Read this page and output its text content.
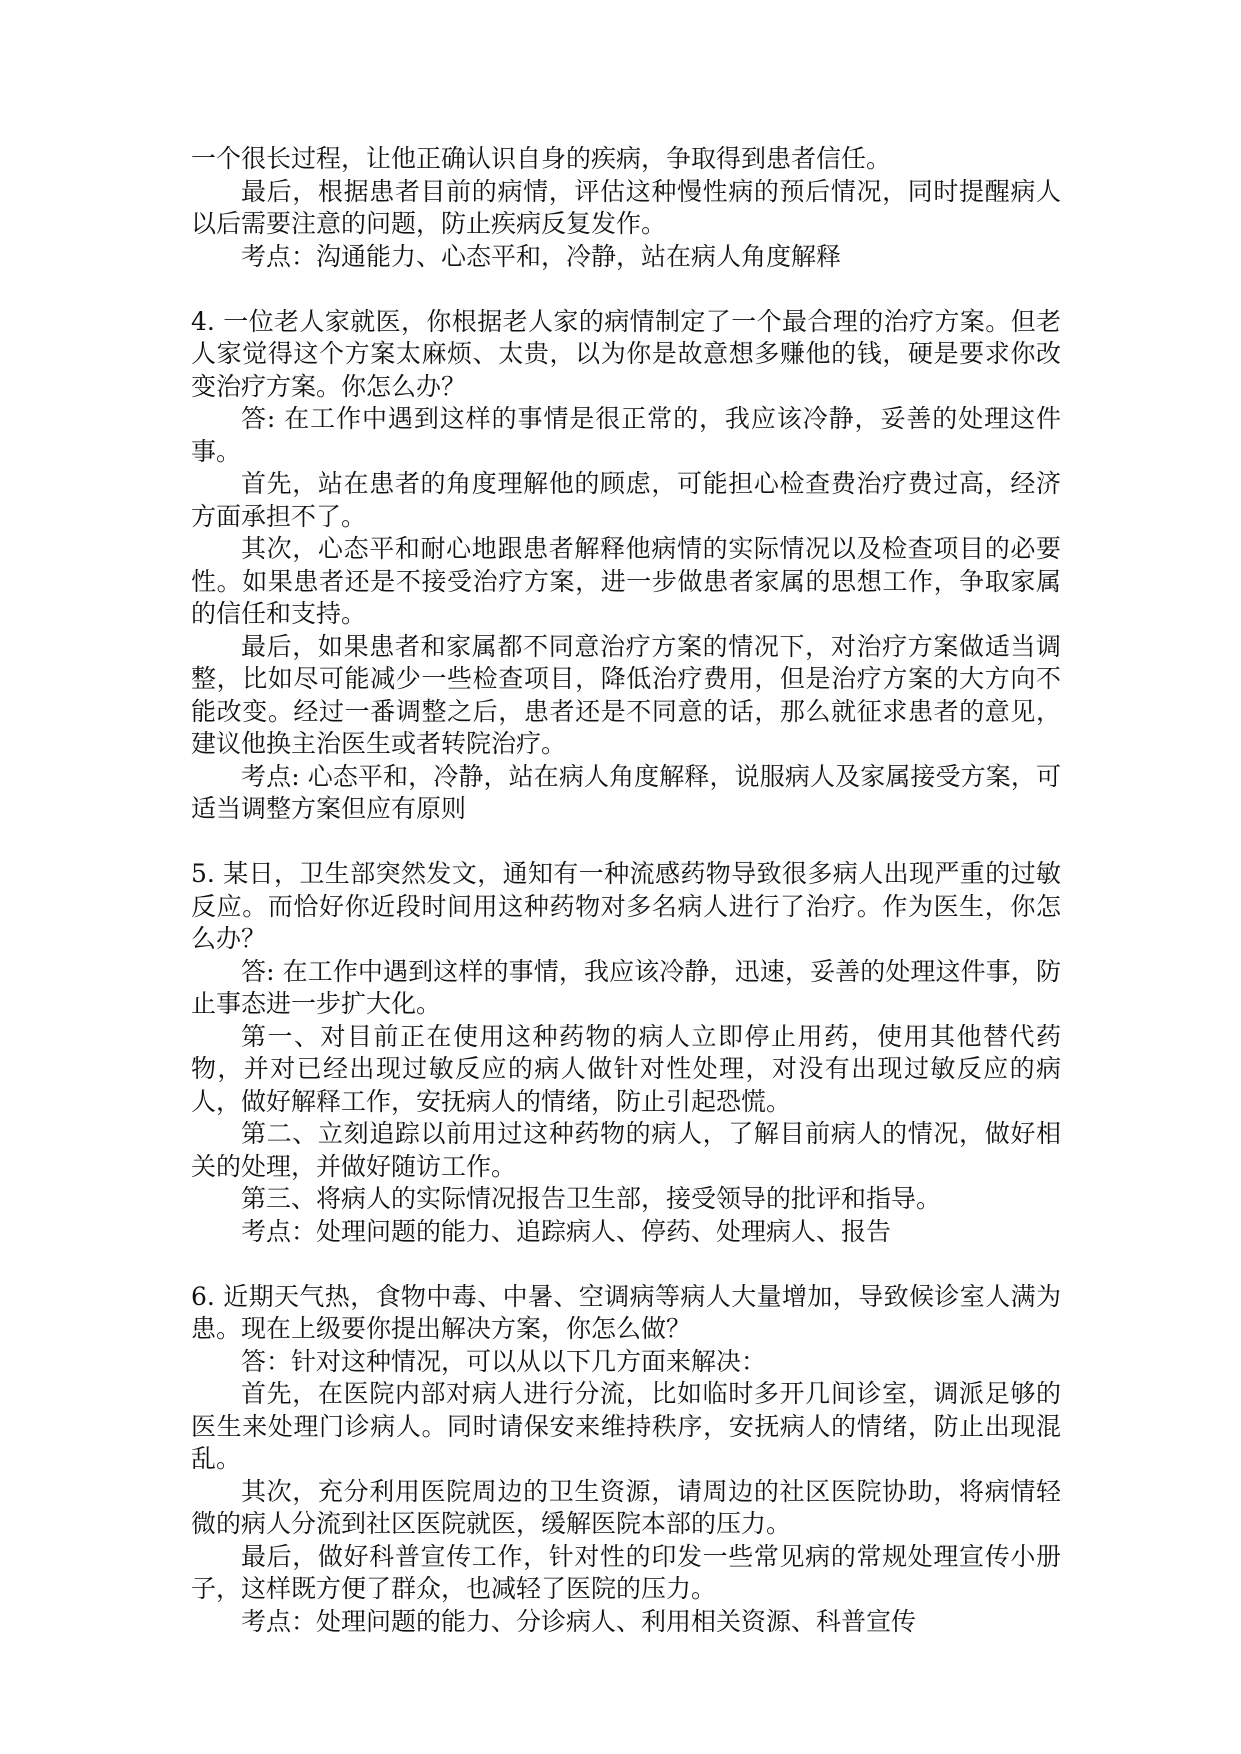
一个很长过程，让他正确认识自身的疾病，争取得到患者信任。

最后，根据患者目前的病情，评估这种慢性病的预后情况，同时提醒病人以后需要注意的问题，防止疾病反复发作。

考点：沟通能力、心态平和，冷静，站在病人角度解释

4. 一位老人家就医，你根据老人家的病情制定了一个最合理的治疗方案。但老人家觉得这个方案太麻烦、太贵，以为你是故意想多赚他的钱，硬是要求你改变治疗方案。你怎么办？

答: 在工作中遇到这样的事情是很正常的，我应该冷静，妥善的处理这件事。

首先，站在患者的角度理解他的顾虑，可能担心检查费治疗费过高，经济方面承担不了。

其次，心态平和耐心地跟患者解释他病情的实际情况以及检查项目的必要性。如果患者还是不接受治疗方案，进一步做患者家属的思想工作，争取家属的信任和支持。

最后，如果患者和家属都不同意治疗方案的情况下，对治疗方案做适当调整，比如尽可能减少一些检查项目，降低治疗费用，但是治疗方案的大方向不能改变。经过一番调整之后，患者还是不同意的话，那么就征求患者的意见，建议他换主治医生或者转院治疗。

考点: 心态平和，冷静，站在病人角度解释，说服病人及家属接受方案，可适当调整方案但应有原则

5. 某日，卫生部突然发文，通知有一种流感药物导致很多病人出现严重的过敏反应。而恰好你近段时间用这种药物对多名病人进行了治疗。作为医生，你怎么办？

答: 在工作中遇到这样的事情，我应该冷静，迅速，妥善的处理这件事，防止事态进一步扩大化。

第一、对目前正在使用这种药物的病人立即停止用药，使用其他替代药物，并对已经出现过敏反应的病人做针对性处理，对没有出现过敏反应的病人，做好解释工作，安抚病人的情绪，防止引起恐慌。

第二、立刻追踪以前用过这种药物的病人，了解目前病人的情况，做好相关的处理，并做好随访工作。

第三、将病人的实际情况报告卫生部，接受领导的批评和指导。

考点：处理问题的能力、追踪病人、停药、处理病人、报告

6. 近期天气热，食物中毒、中暑、空调病等病人大量增加，导致候诊室人满为患。现在上级要你提出解决方案，你怎么做？

答：针对这种情况，可以从以下几方面来解决：

首先，在医院内部对病人进行分流，比如临时多开几间诊室，调派足够的医生来处理门诊病人。同时请保安来维持秩序，安抚病人的情绪，防止出现混乱。

其次，充分利用医院周边的卫生资源，请周边的社区医院协助，将病情轻微的病人分流到社区医院就医，缓解医院本部的压力。

最后，做好科普宣传工作，针对性的印发一些常见病的常规处理宣传小册子，这样既方便了群众，也减轻了医院的压力。

考点：处理问题的能力、分诊病人、利用相关资源、科普宣传
